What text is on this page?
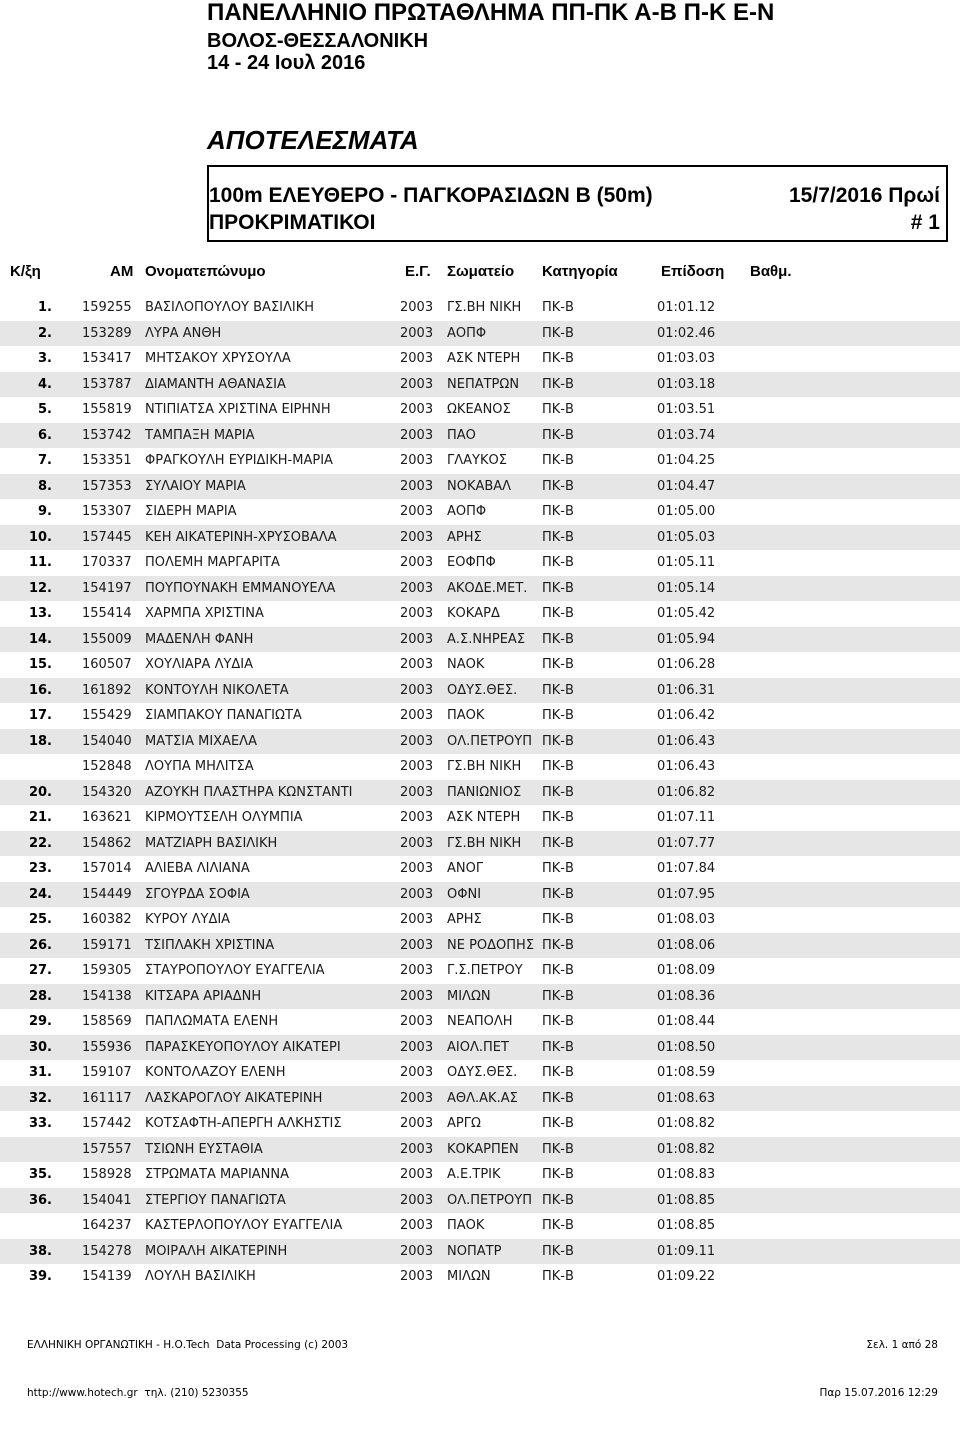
ΠΑΝΕΛΛΗΝΙΟ ΠΡΩΤΑΘΛΗΜΑ ΠΠ-ΠΚ Α-Β Π-Κ Ε-Ν
ΒΟΛΟΣ-ΘΕΣΣΑΛΟΝΙΚΗ
14 - 24 Ιουλ 2016
ΑΠΟΤΕΛΕΣΜΑΤΑ
100m ΕΛΕΥΘΕΡΟ - ΠΑΓΚΟΡΑΣΙΔΩΝ Β (50m)	15/7/2016 Πρωί
ΠΡΟΚΡΙΜΑΤΙΚΟΙ	# 1
Κ/ξη	ΑΜ Ονοματεπώνυμο	Ε.Γ. Σωματείο Κατηγορία	Επίδοση Βαθμ.
1. 159255 ΒΑΣΙΛΟΠΟΥΛΟΥ ΒΑΣΙΛΙΚΗ	2003 ΓΣ.ΒΗ ΝΙΚΗ ΠΚ-Β	01:01.12
2. 153289 ΛΥΡΑ ΑΝΘΗ	2003 ΑΟΠΦ	ΠΚ-Β	01:02.46
3. 153417 ΜΗΤΣΑΚΟΥ ΧΡΥΣΟΥΛΑ	2003 ΑΣΚ ΝΤΕΡΗ ΠΚ-Β	01:03.03
4. 153787 ΔΙΑΜΑΝΤΗ ΑΘΑΝΑΣΙΑ	2003 ΝΕΠΑΤΡΩΝ ΠΚ-Β	01:03.18
5. 155819 ΝΤΙΠΙΑΤΣΑ ΧΡΙΣΤΙΝΑ ΕΙΡΗΝΗ	2003 ΩΚΕΑΝΟΣ ΠΚ-Β	01:03.51
6. 153742 ΤΑΜΠΑΞΗ ΜΑΡΙΑ	2003 ΠΑΟ	ΠΚ-Β	01:03.74
7. 153351 ΦΡΑΓΚΟΥΛΗ ΕΥΡΙΔΙΚΗ-ΜΑΡΙΑ	2003 ΓΛΑΥΚΟΣ	ΠΚ-Β	01:04.25
8. 157353 ΣΥΛΑΙΟΥ ΜΑΡΙΑ	2003 ΝΟΚΑΒΑΛ ΠΚ-Β	01:04.47
9. 153307 ΣΙΔΕΡΗ ΜΑΡΙΑ	2003 ΑΟΠΦ	ΠΚ-Β	01:05.00
10. 157445 ΚΕΗ ΑΙΚΑΤΕΡΙΝΗ-ΧΡΥΣΟΒΑΛΑ	2003 ΑΡΗΣ	ΠΚ-Β	01:05.03
11. 170337 ΠΟΛΕΜΗ ΜΑΡΓΑΡΙΤΑ	2003 ΕΟΦΠΦ	ΠΚ-Β	01:05.11
12. 154197 ΠΟΥΠΟΥΝΑΚΗ ΕΜΜΑΝΟΥΕΛΑ	2003 ΑΚΟΔΕ.ΜΕΤ. ΠΚ-Β	01:05.14
13. 155414 ΧΑΡΜΠΑ ΧΡΙΣΤΙΝΑ	2003 ΚΟΚΑΡΔ	ΠΚ-Β	01:05.42
14. 155009 ΜΑΔΕΝΛΗ ΦΑΝΗ	2003 Α.Σ.ΝΗΡΕΑΣ ΠΚ-Β	01:05.94
15. 160507 ΧΟΥΛΙΑΡΑ ΛΥΔΙΑ	2003 ΝΑΟΚ	ΠΚ-Β	01:06.28
16. 161892 ΚΟΝΤΟΥΛΗ ΝΙΚΟΛΕΤΑ	2003 ΟΔΥΣ.ΘΕΣ. ΠΚ-Β	01:06.31
17. 155429 ΣΙΑΜΠΑΚΟΥ ΠΑΝΑΓΙΩΤΑ	2003 ΠΑΟΚ	ΠΚ-Β	01:06.42
18. 154040 ΜΑΤΣΙΑ ΜΙΧΑΕΛΑ	2003 ΟΛ.ΠΕΤΡΟΥΠ ΠΚ-Β	01:06.43
152848 ΛΟΥΠΑ ΜΗΛΙΤΣΑ	2003 ΓΣ.ΒΗ ΝΙΚΗ ΠΚ-Β	01:06.43
20. 154320 ΑΖΟΥΚΗ ΠΛΑΣΤΗΡΑ ΚΩΝΣΤΑΝΤΙ	2003 ΠΑΝΙΩΝΙΟΣ ΠΚ-Β	01:06.82
21. 163621 ΚΙΡΜΟΥΤΣΕΛΗ ΟΛΥΜΠΙΑ	2003 ΑΣΚ ΝΤΕΡΗ ΠΚ-Β	01:07.11
22. 154862 ΜΑΤΖΙΑΡΗ ΒΑΣΙΛΙΚΗ	2003 ΓΣ.ΒΗ ΝΙΚΗ ΠΚ-Β	01:07.77
23. 157014 ΑΛΙΕΒΑ ΛΙΛΙΑΝΑ	2003 ΑΝΟΓ	ΠΚ-Β	01:07.84
24. 154449 ΣΓΟΥΡΔΑ ΣΟΦΙΑ	2003 ΟΦΝΙ	ΠΚ-Β	01:07.95
25. 160382 ΚΥΡΟΥ ΛΥΔΙΑ	2003 ΑΡΗΣ	ΠΚ-Β	01:08.03
26. 159171 ΤΣΙΠΛΑΚΗ ΧΡΙΣΤΙΝΑ	2003 ΝΕ ΡΟΔΟΠΗΣ ΠΚ-Β	01:08.06
27. 159305 ΣΤΑΥΡΟΠΟΥΛΟΥ ΕΥΑΓΓΕΛΙΑ	2003 Γ.Σ.ΠΕΤΡΟΥ ΠΚ-Β	01:08.09
28. 154138 ΚΙΤΣΑΡΑ ΑΡΙΑΔΝΗ	2003 ΜΙΛΩΝ	ΠΚ-Β	01:08.36
29. 158569 ΠΑΠΛΩΜΑΤΑ ΕΛΕΝΗ	2003 ΝΕΑΠΟΛΗ ΠΚ-Β	01:08.44
30. 155936 ΠΑΡΑΣΚΕΥΟΠΟΥΛΟΥ ΑΙΚΑΤΕΡΙ	2003 ΑΙΟΛ.ΠΕΤ	ΠΚ-Β	01:08.50
31. 159107 ΚΟΝΤΟΛΑΖΟΥ ΕΛΕΝΗ	2003 ΟΔΥΣ.ΘΕΣ. ΠΚ-Β	01:08.59
32. 161117 ΛΑΣΚΑΡΟΓΛΟΥ ΑΙΚΑΤΕΡΙΝΗ	2003 ΑΘΛ.ΑΚ.ΑΣ ΠΚ-Β	01:08.63
33. 157442 ΚΟΤΣΑΦΤΗ-ΑΠΕΡΓΗ ΑΛΚΗΣΤΙΣ	2003 ΑΡΓΩ	ΠΚ-Β	01:08.82
157557 ΤΣΙΩΝΗ ΕΥΣΤΑΘΙΑ	2003 ΚΟΚΑΡΠΕΝ ΠΚ-Β	01:08.82
35. 158928 ΣΤΡΩΜΑΤΑ ΜΑΡΙΑΝΝΑ	2003 Α.Ε.ΤΡΙΚ	ΠΚ-Β	01:08.83
36. 154041 ΣΤΕΡΓΙΟΥ ΠΑΝΑΓΙΩΤΑ	2003 ΟΛ.ΠΕΤΡΟΥΠ ΠΚ-Β	01:08.85
164237 ΚΑΣΤΕΡΛΟΠΟΥΛΟΥ ΕΥΑΓΓΕΛΙΑ	2003 ΠΑΟΚ	ΠΚ-Β	01:08.85
38. 154278 ΜΟΙΡΑΛΗ ΑΙΚΑΤΕΡΙΝΗ	2003 ΝΟΠΑΤΡ	ΠΚ-Β	01:09.11
39. 154139 ΛΟΥΛΗ ΒΑΣΙΛΙΚΗ	2003 ΜΙΛΩΝ	ΠΚ-Β	01:09.22

ΕΛΛΗΝΙΚΗ ΟΡΓΑΝΩΤΙΚΗ - Η.Ο.Tech  Data Processing (c) 2003

http://www.hotech.gr  τηλ. (210) 5230355

Σελ. 1 από 28

Παρ 15.07.2016 12:29
